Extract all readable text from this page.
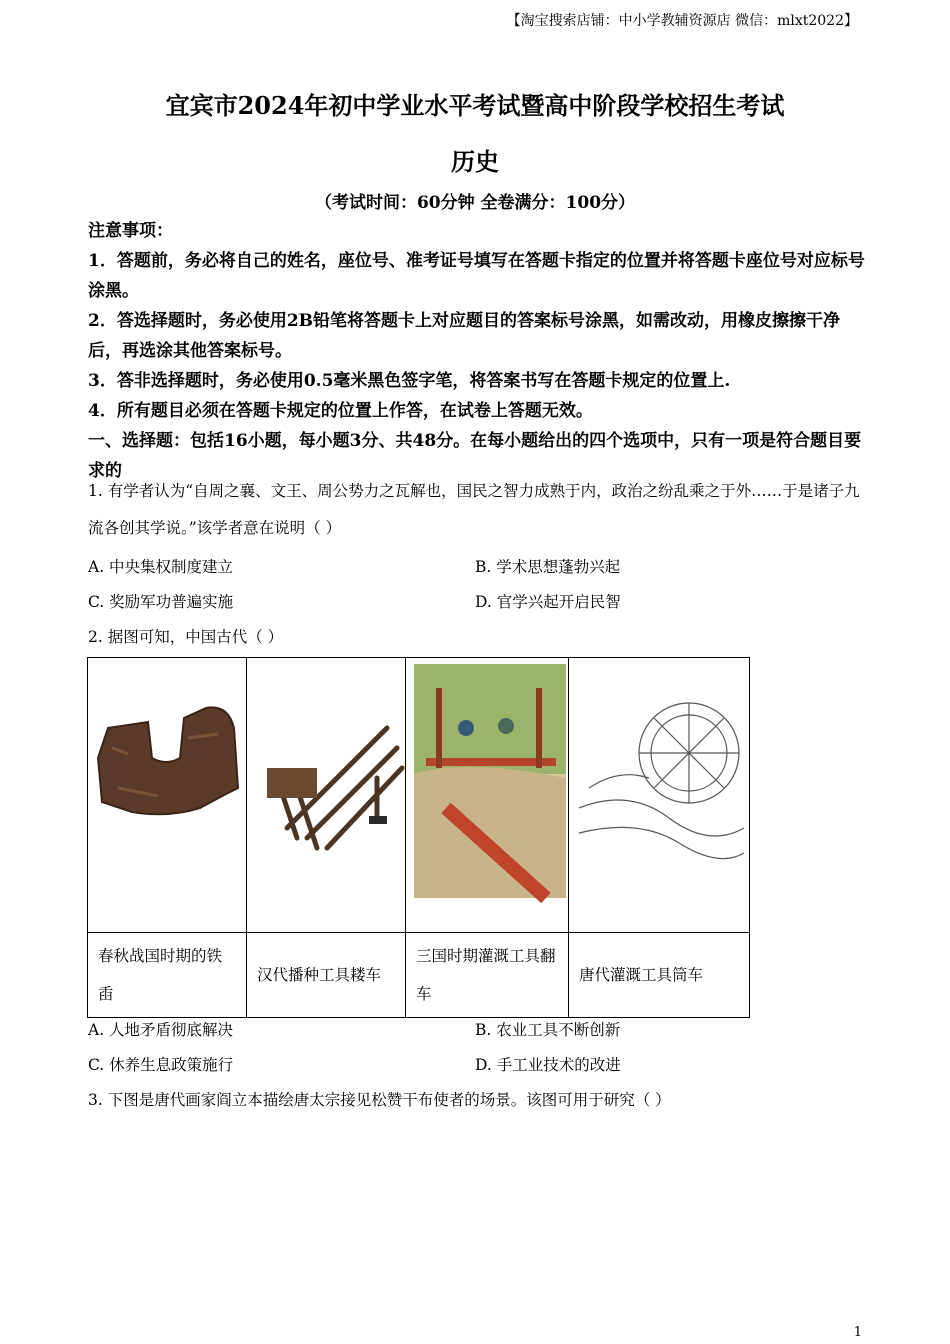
【淘宝搜索店铺：中小学教辅资源店 微信：mlxt2022】
宜宾市2024年初中学业水平考试暨高中阶段学校招生考试
历史
（考试时间：60分钟 全卷满分：100分）

注意事项：

1．答题前，务必将自己的姓名，座位号、准考证号填写在答题卡指定的位置并将答题卡座位号对应标号涂黑。

2．答选择题时，务必使用2B铅笔将答题卡上对应题目的答案标号涂黑，如需改动，用橡皮擦擦干净后，再选涂其他答案标号。

3．答非选择题时，务必使用0.5毫米黑色签字笔，将答案书写在答题卡规定的位置上.

4．所有题目必须在答题卡规定的位置上作答，在试卷上答题无效。

一、选择题：包括16小题，每小题3分、共48分。在每小题给出的四个选项中，只有一项是符合题目要求的

1. 有学者认为“自周之襄、文王、周公势力之瓦解也，国民之智力成熟于内，政治之纷乱乘之于外……于是诸子九流各创其学说。”该学者意在说明（ ）

A. 中央集权制度建立	B. 学术思想蓬勃兴起
C. 奖励军功普遍实施	D. 官学兴起开启民智
2. 据图可知，中国古代（ ）

春秋战国时期的铁臿	汉代播种工具耧车	三国时期灌溉工具翻车	唐代灌溉工具筒车
A. 人地矛盾彻底解决	B. 农业工具不断创新
C. 休养生息政策施行	D. 手工业技术的改进
3. 下图是唐代画家阎立本描绘唐太宗接见松赞干布使者的场景。该图可用于研究（ ）
1
